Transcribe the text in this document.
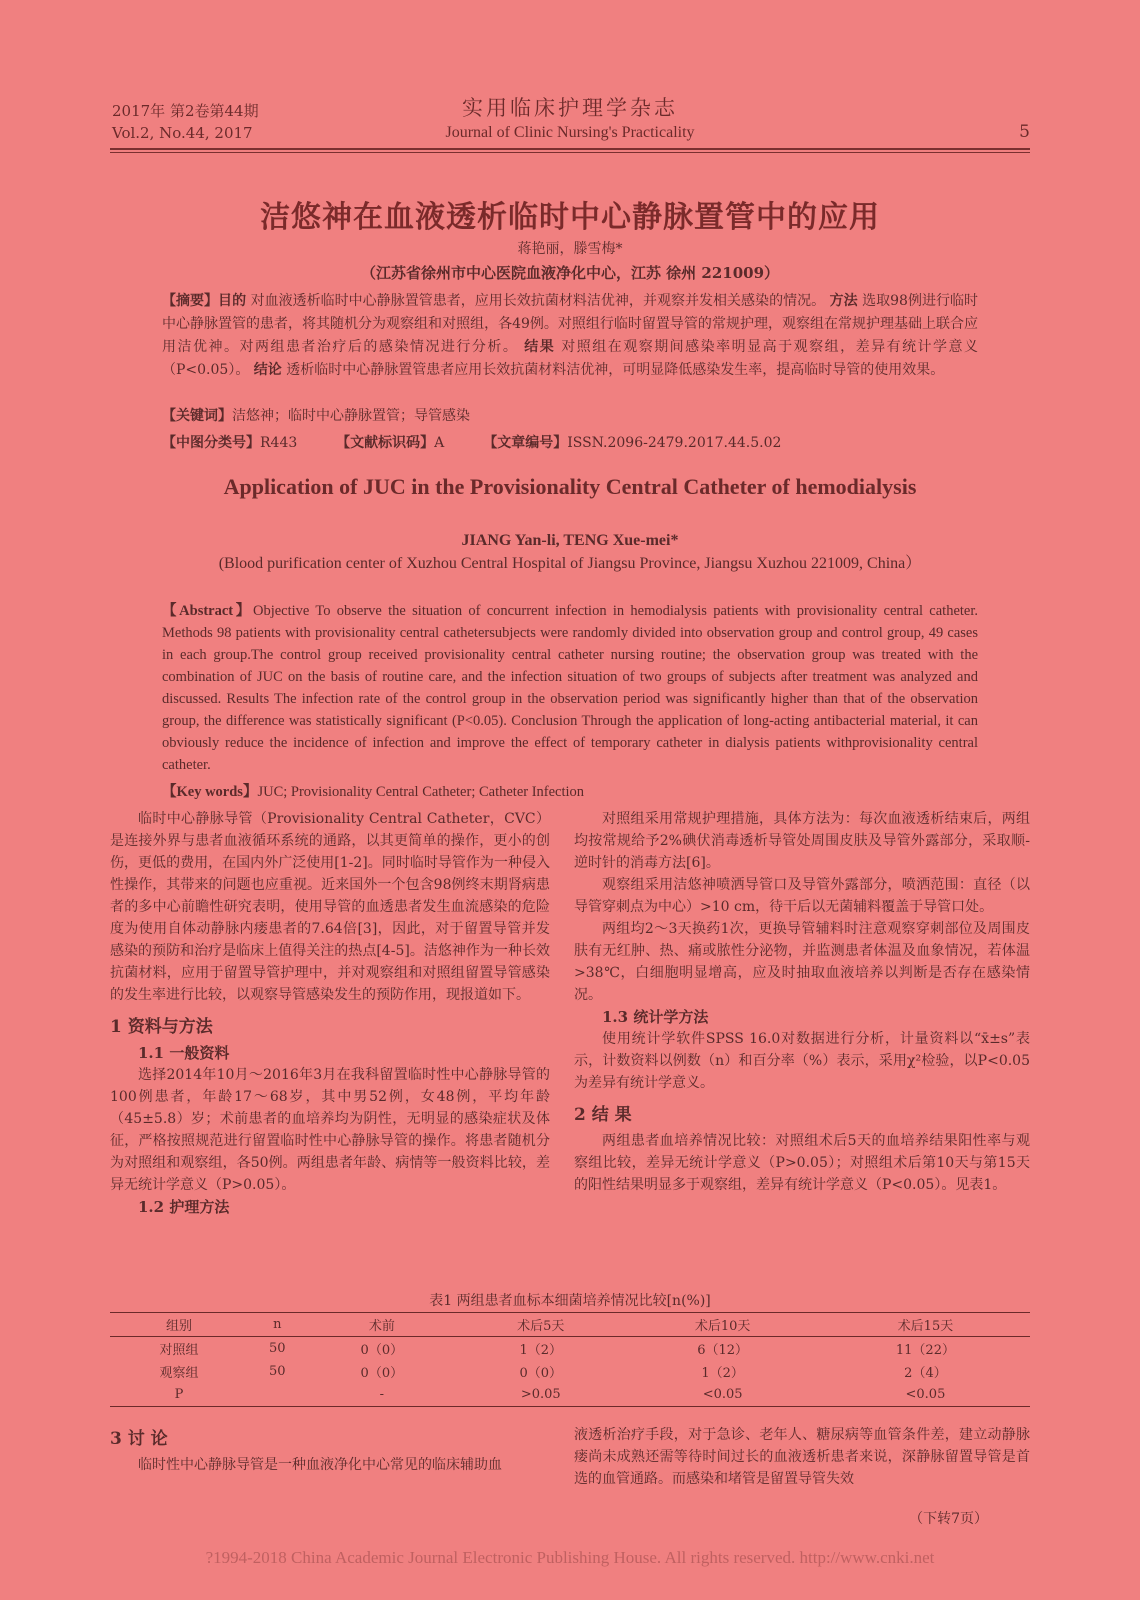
2017年 第2卷第44期
Vol.2, No.44, 2017
实用临床护理学杂志
Journal of Clinic Nursing's Practicality	5
洁悠神在血液透析临时中心静脉置管中的应用
蒋艳丽，滕雪梅*
（江苏省徐州市中心医院血液净化中心，江苏 徐州 221009）

【摘要】目的 对血液透析临时中心静脉置管患者，应用长效抗菌材料洁优神，并观察并发相关感染的情况。 方法 选取98例进行临时中心静脉置管的患者，将其随机分为观察组和对照组，各49例。对照组行临时留置导管的常规护理，观察组在常规护理基础上联合应用洁优神。对两组患者治疗后的感染情况进行分析。 结果 对照组在观察期间感染率明显高于观察组，差异有统计学意义（P<0.05）。 结论 透析临时中心静脉置管患者应用长效抗菌材料洁优神，可明显降低感染发生率，提高临时导管的使用效果。

【关键词】洁悠神；临时中心静脉置管；导管感染
【中图分类号】R443	【文献标识码】A	【文章编号】ISSN.2096-2479.2017.44.5.02
Application of JUC in the Provisionality Central Catheter of hemodialysis
JIANG Yan-li, TENG Xue-mei*
(Blood purification center of Xuzhou Central Hospital of Jiangsu Province, Jiangsu Xuzhou 221009, China）
【Abstract】Objective To observe the situation of concurrent infection in hemodialysis patients with provisionality central catheter. Methods 98 patients with provisionality central cathetersubjects were randomly divided into observation group and control group, 49 cases in each group.The control group received provisionality central catheter nursing routine; the observation group was treated with the combination of JUC on the basis of routine care, and the infection situation of two groups of subjects after treatment was analyzed and discussed. Results The infection rate of the control group in the observation period was significantly higher than that of the observation group, the difference was statistically significant (P<0.05). Conclusion Through the application of long-acting antibacterial material, it can obviously reduce the incidence of infection and improve the effect of temporary catheter in dialysis patients withprovisionality central catheter.
【Key words】JUC; Provisionality Central Catheter; Catheter Infection

临时中心静脉导管（Provisionality Central Catheter，CVC）是连接外界与患者血液循环系统的通路，以其更简单的操作，更小的创伤，更低的费用，在国内外广泛使用[1-2]。同时临时导管作为一种侵入性操作，其带来的问题也应重视。近来国外一个包含98例终末期肾病患者的多中心前瞻性研究表明，使用导管的血透患者发生血流感染的危险度为使用自体动静脉内瘘患者的7.64倍[3]，因此，对于留置导管并发感染的预防和治疗是临床上值得关注的热点[4-5]。洁悠神作为一种长效抗菌材料，应用于留置导管护理中，并对观察组和对照组留置导管感染的发生率进行比较，以观察导管感染发生的预防作用，现报道如下。

1 资料与方法
1.1 一般资料

选择2014年10月～2016年3月在我科留置临时性中心静脉导管的100例患者，年龄17～68岁，其中男52例，女48例，平均年龄（45±5.8）岁；术前患者的血培养均为阴性，无明显的感染症状及体征，严格按照规范进行留置临时性中心静脉导管的操作。将患者随机分为对照组和观察组，各50例。两组患者年龄、病情等一般资料比较，差异无统计学意义（P>0.05）。

1.2 护理方法

对照组采用常规护理措施，具体方法为：每次血液透析结束后，两组均按常规给予2%碘伏消毒透析导管处周围皮肤及导管外露部分，采取顺-逆时针的消毒方法[6]。

观察组采用洁悠神喷洒导管口及导管外露部分，喷洒范围：直径（以导管穿刺点为中心）>10 cm，待干后以无菌辅料覆盖于导管口处。

两组均2～3天换药1次，更换导管辅料时注意观察穿刺部位及周围皮肤有无红肿、热、痛或脓性分泌物，并监测患者体温及血象情况，若体温>38℃，白细胞明显增高，应及时抽取血液培养以判断是否存在感染情况。

1.3 统计学方法

使用统计学软件SPSS 16.0对数据进行分析，计量资料以“x̄±s”表示，计数资料以例数（n）和百分率（%）表示，采用χ²检验，以P<0.05为差异有统计学意义。

2 结 果

两组患者血培养情况比较：对照组术后5天的血培养结果阳性率与观察组比较，差异无统计学意义（P>0.05）；对照组术后第10天与第15天的阳性结果明显多于观察组，差异有统计学意义（P<0.05）。见表1。

表1 两组患者血标本细菌培养情况比较[n(%)]
组别	n	术前	术后5天	术后10天	术后15天
对照组	50	0（0）	1（2）	6（12）	11（22）
观察组	50	0（0）	0（0）	1（2）	2（4）
P		-	>0.05	<0.05	<0.05
3 讨 论

临时性中心静脉导管是一种血液净化中心常见的临床辅助血

液透析治疗手段，对于急诊、老年人、糖尿病等血管条件差，建立动静脉瘘尚未成熟还需等待时间过长的血液透析患者来说，深静脉留置导管是首选的血管通路。而感染和堵管是留置导管失效

（下转7页）
?1994-2018 China Academic Journal Electronic Publishing House. All rights reserved. http://www.cnki.net
